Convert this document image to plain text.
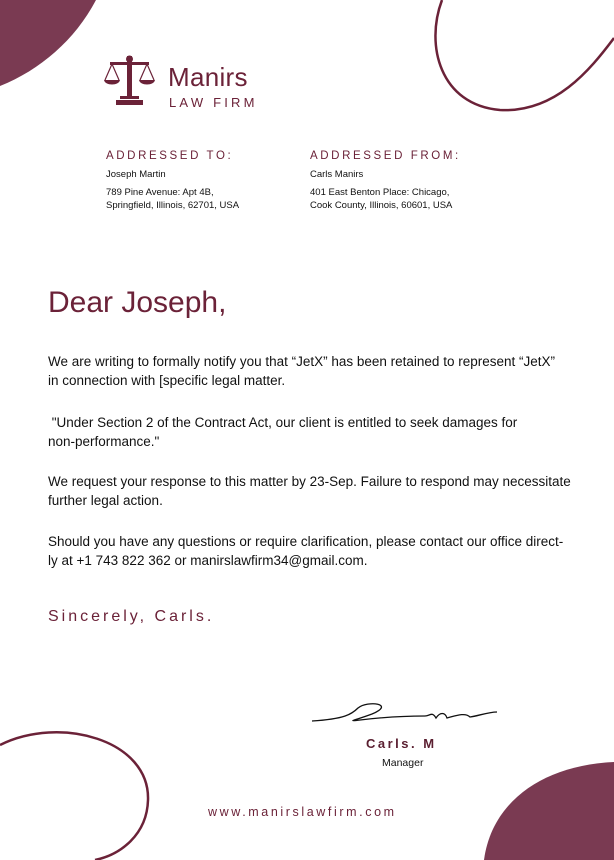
Manirs
LAW FIRM
ADDRESSED TO:
Joseph Martin
789 Pine Avenue: Apt 4B,
Springfield, Illinois, 62701, USA
ADDRESSED FROM:
Carls Manirs
401 East Benton Place: Chicago,
Cook County, Illinois, 60601, USA
Dear Joseph,
We are writing to formally notify you that “JetX” has been retained to represent “JetX”
in connection with [specific legal matter.
"Under Section 2 of the Contract Act, our client is entitled to seek damages for
non-performance."
We request your response to this matter by 23-Sep. Failure to respond may necessitate
further legal action.
Should you have any questions or require clarification, please contact our office direct-
ly at +1 743 822 362 or manirslawfirm34@gmail.com.
Sincerely, Carls.
Carls. M
Manager
www.manirslawfirm.com
